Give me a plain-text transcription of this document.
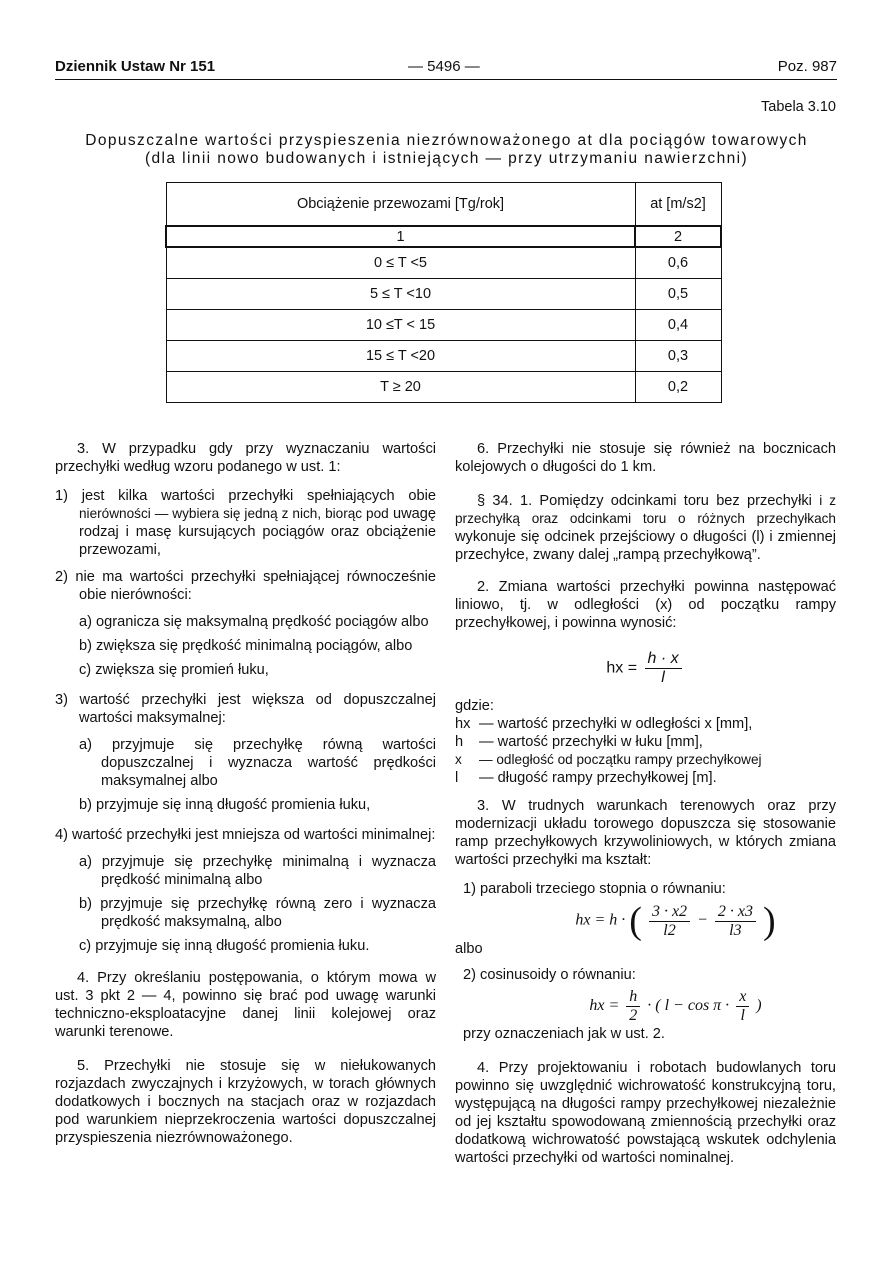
Dziennik Ustaw Nr 151	— 5496 —	Poz. 987
Tabela 3.10
Dopuszczalne wartości przyspieszenia niezrównoważonego at dla pociągów towarowych
(dla linii nowo budowanych i istniejących — przy utrzymaniu nawierzchni)
Obciążenie przewozami [Tg/rok]	at [m/s2]
1	2
0 ≤ T <5	0,6
5 ≤ T <10	0,5
10 ≤T < 15	0,4
15 ≤ T <20	0,3
T ≥ 20	0,2

3. W przypadku gdy przy wyznaczaniu wartości przechyłki według wzoru podanego w ust. 1:

1) jest kilka wartości przechyłki spełniających obie nierówności — wybiera się jedną z nich, biorąc pod uwagę rodzaj i masę kursujących pociągów oraz obciążenie przewozami,
2) nie ma wartości przechyłki spełniającej równocześnie obie nierówności:
a) ogranicza się maksymalną prędkość pociągów albo
b) zwiększa się prędkość minimalną pociągów, albo
c) zwiększa się promień łuku,
3) wartość przechyłki jest większa od dopuszczalnej wartości maksymalnej:
a) przyjmuje się przechyłkę równą wartości dopuszczalnej i wyznacza wartość prędkości maksymalnej albo
b) przyjmuje się inną długość promienia łuku,
4) wartość przechyłki jest mniejsza od wartości minimalnej:
a) przyjmuje się przechyłkę minimalną i wyznacza prędkość minimalną albo
b) przyjmuje się przechyłkę równą zero i wyznacza prędkość maksymalną, albo
c) przyjmuje się inną długość promienia łuku.

4. Przy określaniu postępowania, o którym mowa w ust. 3 pkt 2 — 4, powinno się brać pod uwagę warunki techniczno-eksploatacyjne danej linii kolejowej oraz warunki terenowe.

5. Przechyłki nie stosuje się w niełukowanych rozjazdach zwyczajnych i krzyżowych, w torach głównych dodatkowych i bocznych na stacjach oraz w rozjazdach pod warunkiem nieprzekroczenia wartości dopuszczalnej przyspieszenia niezrównoważonego.

6. Przechyłki nie stosuje się również na bocznicach kolejowych o długości do 1 km.

§ 34. 1. Pomiędzy odcinkami toru bez przechyłki i z przechyłką oraz odcinkami toru o różnych przechyłkach wykonuje się odcinek przejściowy o długości (l) i zmiennej przechyłce, zwany dalej „rampą przechyłkową”.

2. Zmiana wartości przechyłki powinna następować liniowo, tj. w odległości (x) od początku rampy przechyłkowej, i powinna wynosić:

hx = $\frac{h \cdot x}{l}$
gdzie:
hx — wartość przechyłki w odległości x [mm],
h	— wartość przechyłki w łuku [mm],
x	— odległość od początku rampy przechyłkowej
l	— długość rampy przechyłkowej [m].

3. W trudnych warunkach terenowych oraz przy modernizacji układu torowego dopuszcza się stosowanie ramp przechyłkowych krzywoliniowych, w których zmiana wartości przechyłki ma kształt:

1) paraboli trzeciego stopnia o równaniu:
hx = h · ( $\frac{3 \cdot x2}{l2} - \frac{2 \cdot x3}{l3}$ )
albo
2) cosinusoidy o równaniu:
hx = $\frac{h}{2}$ · ( $l - \cos \pi \cdot \frac{x}{l}$ )
przy oznaczeniach jak w ust. 2.

4. Przy projektowaniu i robotach budowlanych toru powinno się uwzględnić wichrowatość konstrukcyjną toru, występującą na długości rampy przechyłkowej niezależnie od jej kształtu spowodowaną zmiennością przechyłki oraz dodatkową wichrowatość powstającą wskutek odchylenia wartości przechyłki od wartości nominalnej.
